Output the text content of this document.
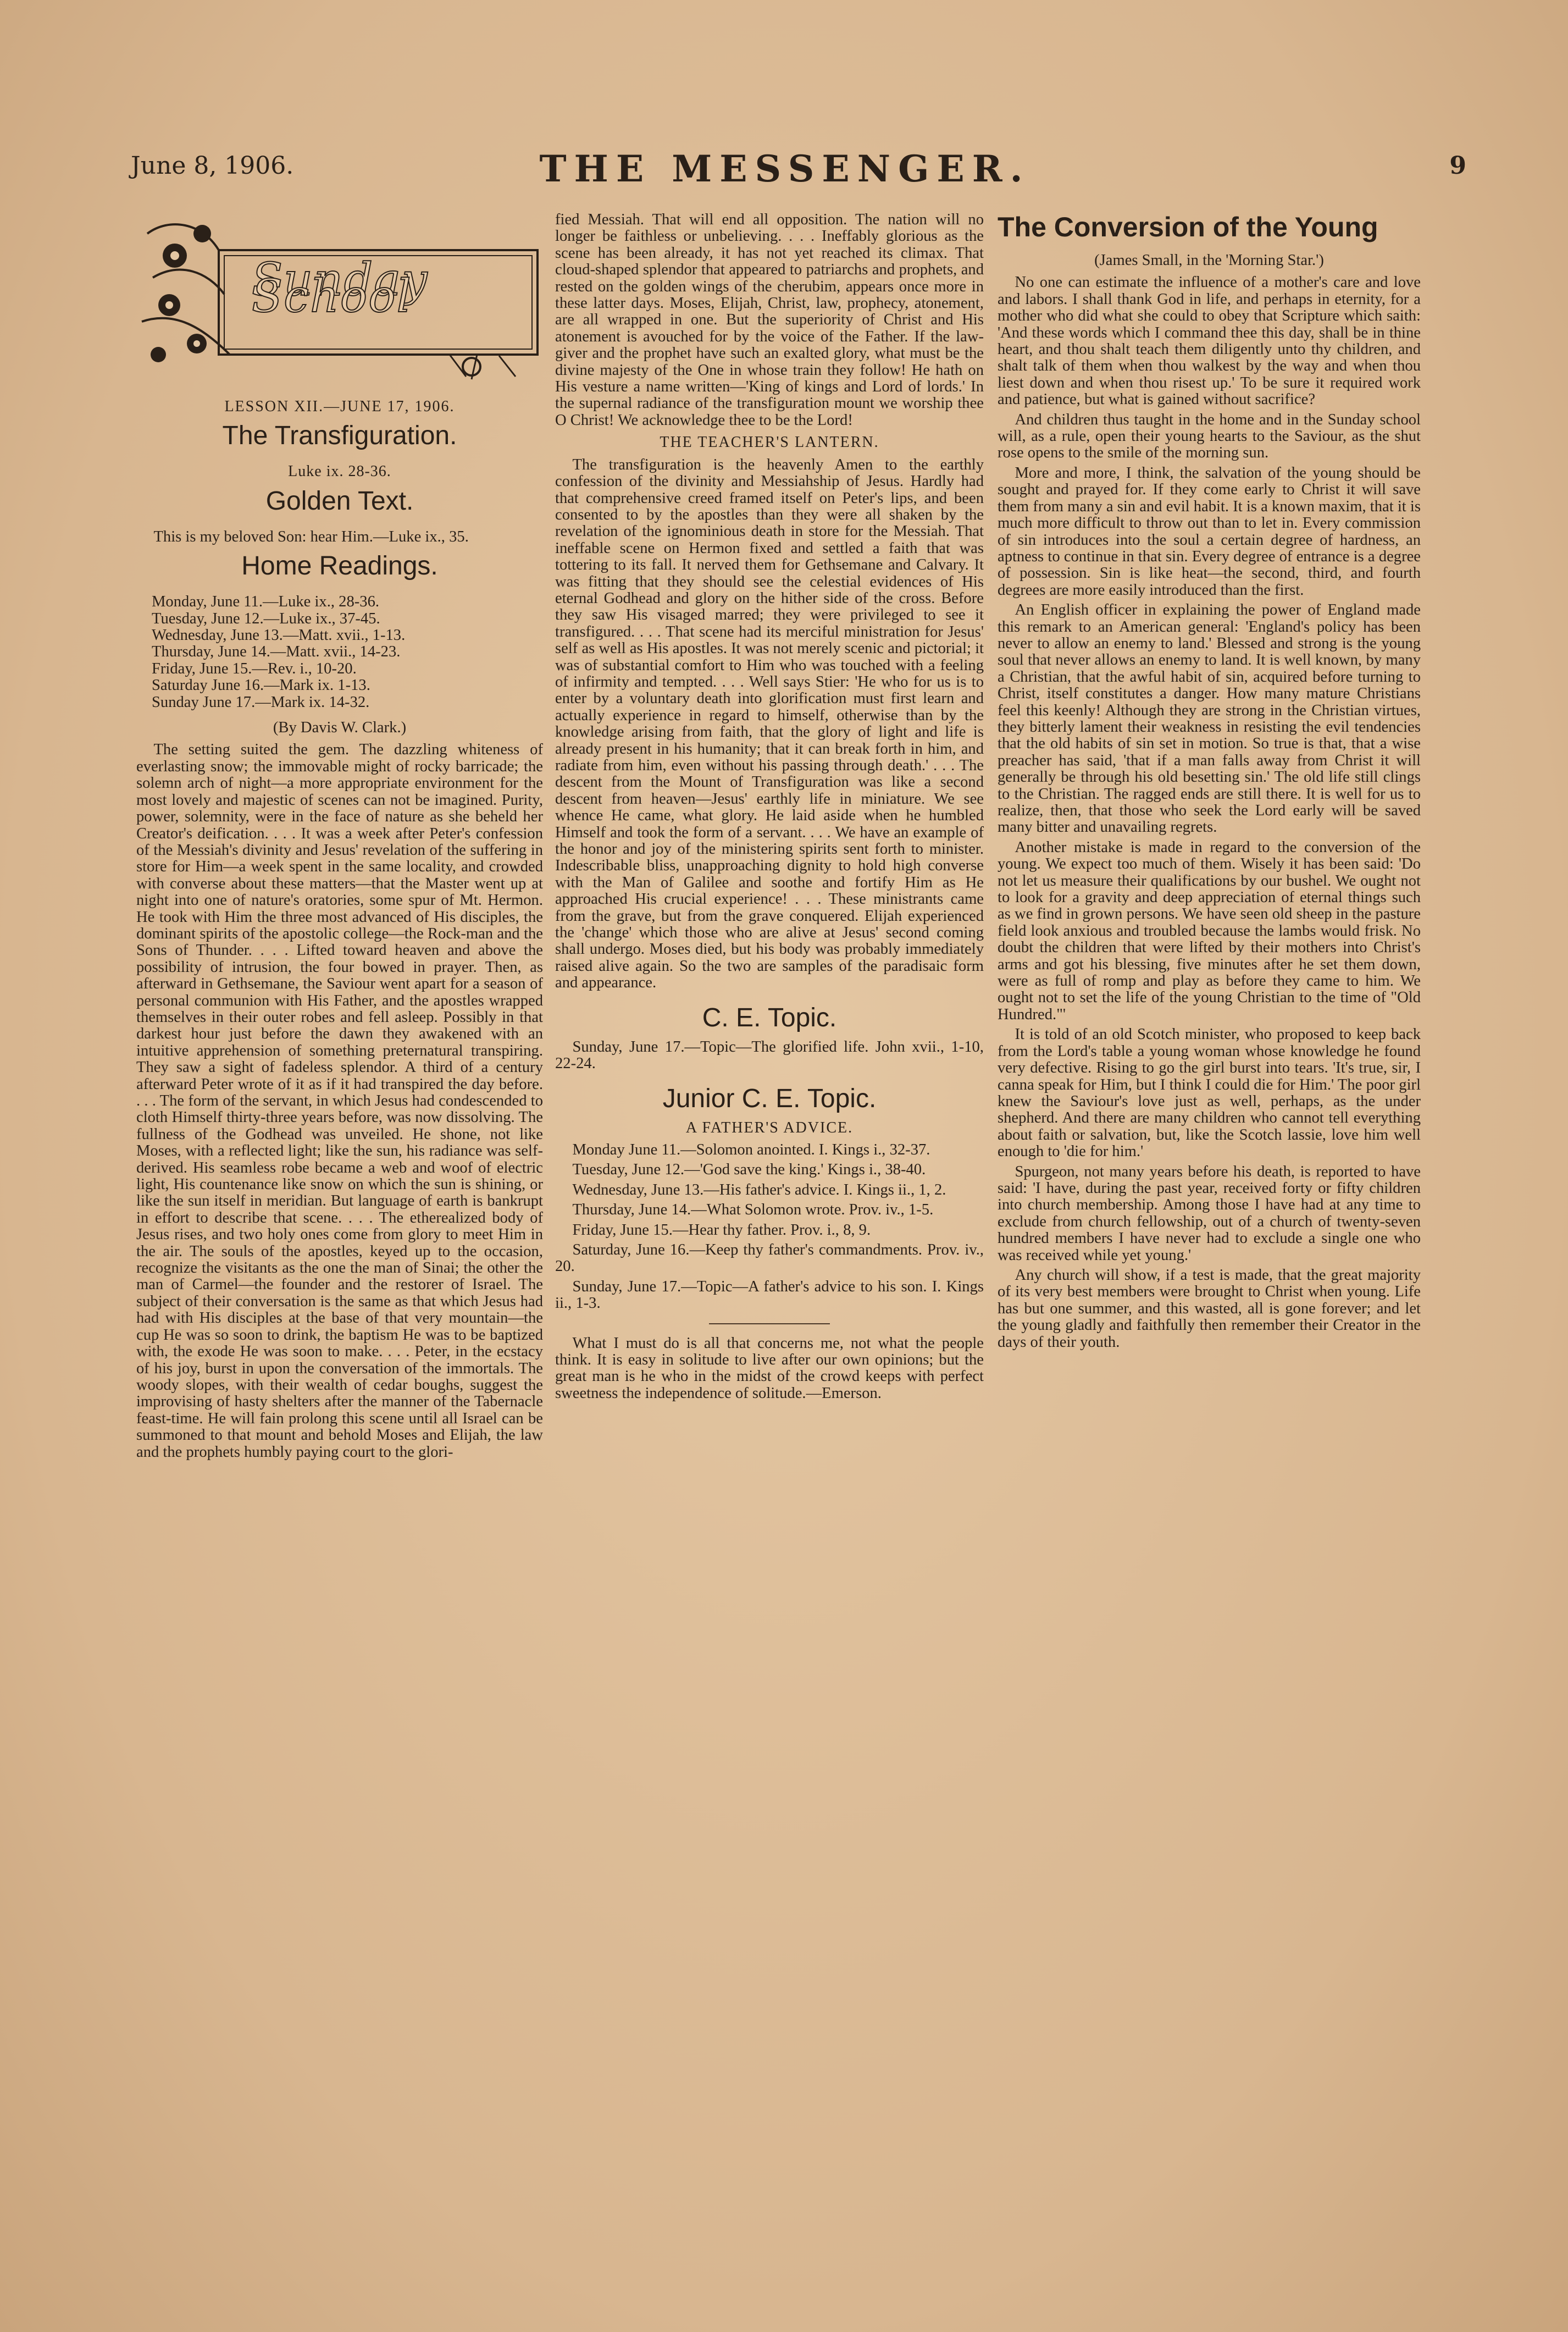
June 8, 1906.	THE MESSENGER.	9
Sunday School
LESSON XII.—JUNE 17, 1906.
The Transfiguration.
Luke ix. 28-36.
Golden Text.

This is my beloved Son: hear Him.—Luke ix., 35.

Home Readings.
Monday, June 11.—Luke ix., 28-36.
Tuesday, June 12.—Luke ix., 37-45.
Wednesday, June 13.—Matt. xvii., 1-13.
Thursday, June 14.—Matt. xvii., 14-23.
Friday, June 15.—Rev. i., 10-20.
Saturday June 16.—Mark ix. 1-13.
Sunday June 17.—Mark ix. 14-32.
(By Davis W. Clark.)

The setting suited the gem. The dazzling whiteness of everlasting snow; the immovable might of rocky barricade; the solemn arch of night—a more appropriate environment for the most lovely and majestic of scenes can not be imagined. Purity, power, solemnity, were in the face of nature as she beheld her Creator's deification. . . . It was a week after Peter's confession of the Messiah's divinity and Jesus' revelation of the suffering in store for Him—a week spent in the same locality, and crowded with converse about these matters—that the Master went up at night into one of nature's oratories, some spur of Mt. Hermon. He took with Him the three most advanced of His disciples, the dominant spirits of the apostolic college—the Rock-man and the Sons of Thunder. . . . Lifted toward heaven and above the possibility of intrusion, the four bowed in prayer. Then, as afterward in Gethsemane, the Saviour went apart for a season of personal communion with His Father, and the apostles wrapped themselves in their outer robes and fell asleep. Possibly in that darkest hour just before the dawn they awakened with an intuitive apprehension of something preternatural transpiring. They saw a sight of fadeless splendor. A third of a century afterward Peter wrote of it as if it had transpired the day before. . . . The form of the servant, in which Jesus had condescended to cloth Himself thirty-three years before, was now dissolving. The fullness of the Godhead was unveiled. He shone, not like Moses, with a reflected light; like the sun, his radiance was self-derived. His seamless robe became a web and woof of electric light, His countenance like snow on which the sun is shining, or like the sun itself in meridian. But language of earth is bankrupt in effort to describe that scene. . . . The etherealized body of Jesus rises, and two holy ones come from glory to meet Him in the air. The souls of the apostles, keyed up to the occasion, recognize the visitants as the one the man of Sinai; the other the man of Carmel—the founder and the restorer of Israel. The subject of their conversation is the same as that which Jesus had had with His disciples at the base of that very mountain—the cup He was so soon to drink, the baptism He was to be baptized with, the exode He was soon to make. . . . Peter, in the ecstacy of his joy, burst in upon the conversation of the immortals. The woody slopes, with their wealth of cedar boughs, suggest the improvising of hasty shelters after the manner of the Tabernacle feast-time. He will fain prolong this scene until all Israel can be summoned to that mount and behold Moses and Elijah, the law and the prophets humbly paying court to the glori-

fied Messiah. That will end all opposition. The nation will no longer be faithless or unbelieving. . . . Ineffably glorious as the scene has been already, it has not yet reached its climax. That cloud-shaped splendor that appeared to patriarchs and prophets, and rested on the golden wings of the cherubim, appears once more in these latter days. Moses, Elijah, Christ, law, prophecy, atonement, are all wrapped in one. But the superiority of Christ and His atonement is avouched for by the voice of the Father. If the law-giver and the prophet have such an exalted glory, what must be the divine majesty of the One in whose train they follow! He hath on His vesture a name written—'King of kings and Lord of lords.' In the supernal radiance of the transfiguration mount we worship thee O Christ! We acknowledge thee to be the Lord!

THE TEACHER'S LANTERN.

The transfiguration is the heavenly Amen to the earthly confession of the divinity and Messiahship of Jesus. Hardly had that comprehensive creed framed itself on Peter's lips, and been consented to by the apostles than they were all shaken by the revelation of the ignominious death in store for the Messiah. That ineffable scene on Hermon fixed and settled a faith that was tottering to its fall. It nerved them for Gethsemane and Calvary. It was fitting that they should see the celestial evidences of His eternal Godhead and glory on the hither side of the cross. Before they saw His visaged marred; they were privileged to see it transfigured. . . . That scene had its merciful ministration for Jesus' self as well as His apostles. It was not merely scenic and pictorial; it was of substantial comfort to Him who was touched with a feeling of infirmity and tempted. . . . Well says Stier: 'He who for us is to enter by a voluntary death into glorification must first learn and actually experience in regard to himself, otherwise than by the knowledge arising from faith, that the glory of light and life is already present in his humanity; that it can break forth in him, and radiate from him, even without his passing through death.' . . . The descent from the Mount of Transfiguration was like a second descent from heaven—Jesus' earthly life in miniature. We see whence He came, what glory. He laid aside when he humbled Himself and took the form of a servant. . . . We have an example of the honor and joy of the ministering spirits sent forth to minister. Indescribable bliss, unapproaching dignity to hold high converse with the Man of Galilee and soothe and fortify Him as He approached His crucial experience! . . . These ministrants came from the grave, but from the grave conquered. Elijah experienced the 'change' which those who are alive at Jesus' second coming shall undergo. Moses died, but his body was probably immediately raised alive again. So the two are samples of the paradisaic form and appearance.

C. E. Topic.

Sunday, June 17.—Topic—The glorified life. John xvii., 1-10, 22-24.

Junior C. E. Topic.
A FATHER'S ADVICE.

Monday June 11.—Solomon anointed. I. Kings i., 32-37.

Tuesday, June 12.—'God save the king.' Kings i., 38-40.

Wednesday, June 13.—His father's advice. I. Kings ii., 1, 2.

Thursday, June 14.—What Solomon wrote. Prov. iv., 1-5.

Friday, June 15.—Hear thy father. Prov. i., 8, 9.

Saturday, June 16.—Keep thy father's commandments. Prov. iv., 20.

Sunday, June 17.—Topic—A father's advice to his son. I. Kings ii., 1-3.

What I must do is all that concerns me, not what the people think. It is easy in solitude to live after our own opinions; but the great man is he who in the midst of the crowd keeps with perfect sweetness the independence of solitude.—Emerson.

The Conversion of the Young
(James Small, in the 'Morning Star.')

No one can estimate the influence of a mother's care and love and labors. I shall thank God in life, and perhaps in eternity, for a mother who did what she could to obey that Scripture which saith: 'And these words which I command thee this day, shall be in thine heart, and thou shalt teach them diligently unto thy children, and shalt talk of them when thou walkest by the way and when thou liest down and when thou risest up.' To be sure it required work and patience, but what is gained without sacrifice?

And children thus taught in the home and in the Sunday school will, as a rule, open their young hearts to the Saviour, as the shut rose opens to the smile of the morning sun.

More and more, I think, the salvation of the young should be sought and prayed for. If they come early to Christ it will save them from many a sin and evil habit. It is a known maxim, that it is much more difficult to throw out than to let in. Every commission of sin introduces into the soul a certain degree of hardness, an aptness to continue in that sin. Every degree of entrance is a degree of possession. Sin is like heat—the second, third, and fourth degrees are more easily introduced than the first.

An English officer in explaining the power of England made this remark to an American general: 'England's policy has been never to allow an enemy to land.' Blessed and strong is the young soul that never allows an enemy to land. It is well known, by many a Christian, that the awful habit of sin, acquired before turning to Christ, itself constitutes a danger. How many mature Christians feel this keenly! Although they are strong in the Christian virtues, they bitterly lament their weakness in resisting the evil tendencies that the old habits of sin set in motion. So true is that, that a wise preacher has said, 'that if a man falls away from Christ it will generally be through his old besetting sin.' The old life still clings to the Christian. The ragged ends are still there. It is well for us to realize, then, that those who seek the Lord early will be saved many bitter and unavailing regrets.

Another mistake is made in regard to the conversion of the young. We expect too much of them. Wisely it has been said: 'Do not let us measure their qualifications by our bushel. We ought not to look for a gravity and deep appreciation of eternal things such as we find in grown persons. We have seen old sheep in the pasture field look anxious and troubled because the lambs would frisk. No doubt the children that were lifted by their mothers into Christ's arms and got his blessing, five minutes after he set them down, were as full of romp and play as before they came to him. We ought not to set the life of the young Christian to the time of "Old Hundred."'

It is told of an old Scotch minister, who proposed to keep back from the Lord's table a young woman whose knowledge he found very defective. Rising to go the girl burst into tears. 'It's true, sir, I canna speak for Him, but I think I could die for Him.' The poor girl knew the Saviour's love just as well, perhaps, as the under shepherd. And there are many children who cannot tell everything about faith or salvation, but, like the Scotch lassie, love him well enough to 'die for him.'

Spurgeon, not many years before his death, is reported to have said: 'I have, during the past year, received forty or fifty children into church membership. Among those I have had at any time to exclude from church fellowship, out of a church of twenty-seven hundred members I have never had to exclude a single one who was received while yet young.'

Any church will show, if a test is made, that the great majority of its very best members were brought to Christ when young. Life has but one summer, and this wasted, all is gone forever; and let the young gladly and faithfully then remember their Creator in the days of their youth.
